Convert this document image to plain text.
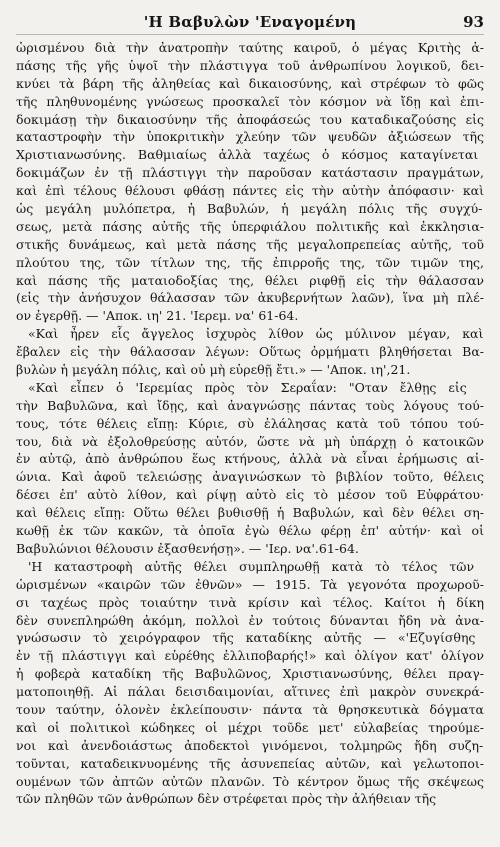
'Η Βαβυλὼν 'Εναγομένη	93
ὡρισμένου διὰ τὴν ἀνατροπὴν ταύτης καιροῦ, ὁ μέγας Κριτὴς ἁ-
πάσης τῆς γῆς ὑψοῖ τὴν πλάστιγγα τοῦ ἀνθρωπίνου λογικοῦ, δει-
κνύει τὰ βάρη τῆς ἀληθείας καὶ δικαιοσύνης, καὶ στρέφων τὸ φῶς
τῆς πληθυνομένης γνώσεως προσκαλεῖ τὸν κόσμον νὰ ἴδῃ καὶ ἐπι-
δοκιμάσῃ τὴν δικαιοσύνην τῆς ἀποφάσεώς του καταδικαζούσης εἰς
καταστροφὴν τὴν ὑποκριτικὴν χλεύην τῶν ψευδῶν ἀξιώσεων τῆς
Χριστιανωσύνης. Βαθμιαίως ἀλλὰ ταχέως ὁ κόσμος καταγίνεται
δοκιμάζων ἐν τῇ πλάστιγγι τὴν παροῦσαν κατάστασιν πραγμάτων,
καὶ ἐπὶ τέλους θέλουσι φθάσῃ πάντες εἰς τὴν αὐτὴν ἀπόφασιν· καὶ
ὡς μεγάλη μυλόπετρα, ἡ Βαβυλών, ἡ μεγάλη πόλις τῆς συγχύ-
σεως, μετὰ πάσης αὐτῆς τῆς ὑπερφιάλου πολιτικῆς καὶ ἐκκλησια-
στικῆς δυνάμεως, καὶ μετὰ πάσης τῆς μεγαλοπρεπείας αὐτῆς, τοῦ
πλούτου της, τῶν τίτλων της, τῆς ἐπιρροῆς της, τῶν τιμῶν της,
καὶ πάσης τῆς ματαιοδοξίας της, θέλει ριφθῇ εἰς τὴν θάλασσαν
(εἰς τὴν ἀνήσυχον θάλασσαν τῶν ἀκυβερνήτων λαῶν), ἵνα μὴ πλέ-
ον ἐγερθῇ. — 'Αποκ. ιη' 21. 'Ιερεμ. να' 61-64.
«Καὶ ἦρεν εἷς ἄγγελος ἰσχυρὸς λίθον ὡς μύλινον μέγαν, καὶ
ἔβαλεν εἰς τὴν θάλασσαν λέγων: Οὕτως ὁρμήματι βληθήσεται Βα-
βυλὼν ἡ μεγάλη πόλις, καὶ οὐ μὴ εὑρεθῇ ἔτι.» — 'Αποκ. ιη',21.
«Καὶ εἶπεν ὁ 'Ιερεμίας πρὸς τὸν Σεραΐαν: "Οταν ἔλθῃς εἰς
τὴν Βαβυλῶνα, καὶ ἴδῃς, καὶ ἀναγνώσῃς πάντας τοὺς λόγους τού-
τους, τότε θέλεις εἴπῃ: Κύριε, σὺ ἐλάλησας κατὰ τοῦ τόπου τού-
του, διὰ νὰ ἐξολοθρεύσῃς αὐτόν, ὥστε νὰ μὴ ὑπάρχῃ ὁ κατοικῶν
ἐν αὐτῷ, ἀπὸ ἀνθρώπου ἕως κτήνους, ἀλλὰ νὰ εἶναι ἐρήμωσις αἰ-
ώνια. Καὶ ἀφοῦ τελειώσῃς ἀναγινώσκων τὸ βιβλίον τοῦτο, θέλεις
δέσει ἐπ' αὐτὸ λίθον, καὶ ρίψῃ αὐτὸ εἰς τὸ μέσον τοῦ Εὐφράτου·
καὶ θέλεις εἴπῃ: Οὕτω θέλει βυθισθῇ ἡ Βαβυλών, καὶ δὲν θέλει ση-
κωθῇ ἐκ τῶν κακῶν, τὰ ὁποῖα ἐγὼ θέλω φέρῃ ἐπ' αὐτήν· καὶ οἱ
Βαβυλώνιοι θέλουσιν ἐξασθενήσῃ». — 'Ιερ. να'.61-64.
'Η καταστροφὴ αὐτῆς θέλει συμπληρωθῇ κατὰ τὸ τέλος τῶν
ὡρισμένων «καιρῶν τῶν ἐθνῶν» — 1915. Τὰ γεγονότα προχωροῦ-
σι ταχέως πρὸς τοιαύτην τινὰ κρίσιν καὶ τέλος. Καίτοι ἡ δίκη
δὲν συνεπληρώθη ἀκόμη, πολλοὶ ἐν τούτοις δύνανται ἤδη νὰ ἀνα-
γνώσωσιν τὸ χειρόγραφον τῆς καταδίκης αὐτῆς — «'Εζυγίσθης
ἐν τῇ πλάστιγγι καὶ εὑρέθης ἐλλιποβαρής!» καὶ ὀλίγον κατ' ὀλίγον
ἡ φοβερὰ καταδίκη τῆς Βαβυλῶνος, Χριστιανωσύνης, θέλει πραγ-
ματοποιηθῇ. Αἱ πάλαι δεισιδαιμονίαι, αἵτινες ἐπὶ μακρὸν συνεκρά-
τουν ταύτην, ὁλονὲν ἐκλείπουσιν· πάντα τὰ θρησκευτικὰ δόγματα
καὶ οἱ πολιτικοὶ κώδηκες οἱ μέχρι τοῦδε μετ' εὐλαβείας τηρούμε-
νοι καὶ ἀνενδοιάστως ἀποδεκτοὶ γινόμενοι, τολμηρῶς ἤδη συζη-
τοῦνται, καταδεικνυομένης τῆς ἀσυνεπείας αὐτῶν, καὶ γελωτοποι-
ουμένων τῶν ἀπτῶν αὐτῶν πλανῶν. Τὸ κέντρον ὅμως τῆς σκέψεως
τῶν πληθῶν τῶν ἀνθρώπων δὲν στρέφεται πρὸς τὴν ἀλήθειαν τῆς
